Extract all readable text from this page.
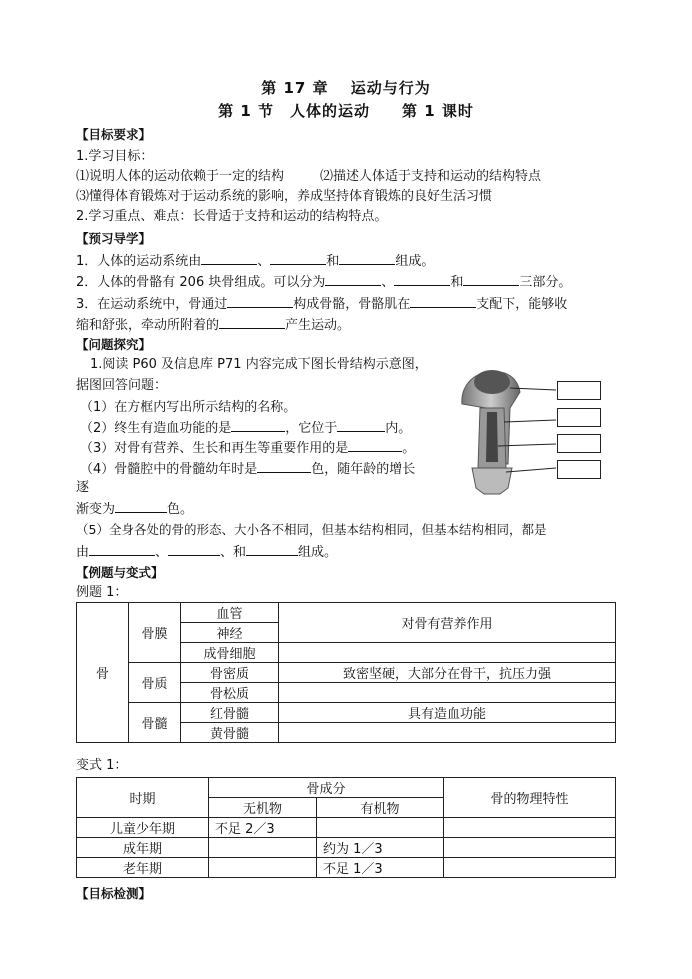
第 17 章　 运动与行为
第 1 节　人体的运动　　第 1 课时
【目标要求】
1.学习目标：
⑴说明人体的运动依赖于一定的结构	⑵描述人体适于支持和运动的结构特点
⑶懂得体育锻炼对于运动系统的影响，养成坚持体育锻炼的良好生活习惯
2.学习重点、难点：长骨适于支持和运动的结构特点。
【预习导学】
1．人体的运动系统由	、	和	组成。
2．人体的骨骼有 206 块骨组成。可以分为	、	和	三部分。
3．在运动系统中，骨通过	构成骨骼，骨骼肌在	支配下，能够收
缩和舒张，牵动所附着的	产生运动。
【问题探究】
1.阅读 P60 及信息库 P71 内容完成下图长骨结构示意图，
据图回答问题：
（1）在方框内写出所示结构的名称。
（2）终生有造血功能的是	，它位于	内。
（3）对骨有营养、生长和再生等重要作用的是	。
（4）骨髓腔中的骨髓幼年时是	色，随年龄的增长
逐
渐变为	色。
（5）全身各处的骨的形态、大小各不相同，但基本结构相同，但基本结构相同，都是
由	、	、和	组成。
【例题与变式】
例题 1：
骨	骨膜	血管	对骨有营养作用
		神经	
		成骨细胞	
	骨质	骨密质	致密坚硬，大部分在骨干，抗压力强
		骨松质	
	骨髓	红骨髓	具有造血功能
		黄骨髓	
变式 1：
时期	骨成分		骨的物理特性
	无机物	有机物	
儿童少年期	不足 2／3		
成年期		约为 1／3	
老年期		不足 1／3	
【目标检测】
